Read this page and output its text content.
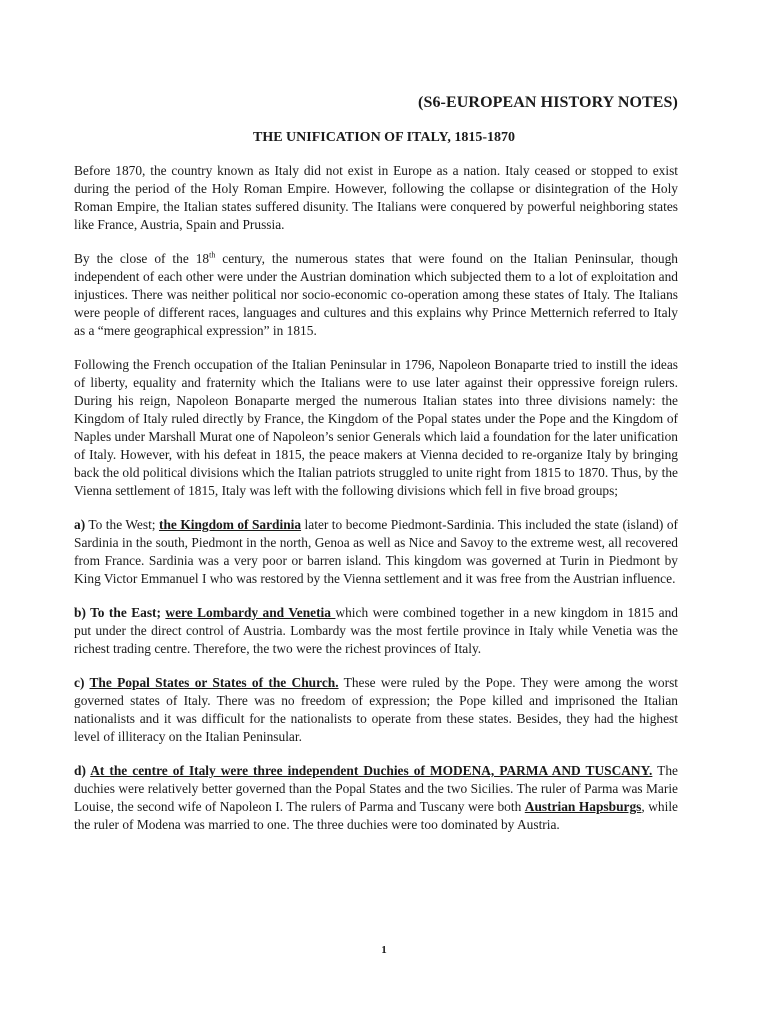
(S6-EUROPEAN HISTORY NOTES)
THE UNIFICATION OF ITALY, 1815-1870

Before 1870, the country known as Italy did not exist in Europe as a nation. Italy ceased or stopped to exist during the period of the Holy Roman Empire. However, following the collapse or disintegration of the Holy Roman Empire, the Italian states suffered disunity. The Italians were conquered by powerful neighboring states like France, Austria, Spain and Prussia.

By the close of the 18th century, the numerous states that were found on the Italian Peninsular, though independent of each other were under the Austrian domination which subjected them to a lot of exploitation and injustices. There was neither political nor socio-economic co-operation among these states of Italy. The Italians were people of different races, languages and cultures and this explains why Prince Metternich referred to Italy as a “mere geographical expression” in 1815.

Following the French occupation of the Italian Peninsular in 1796, Napoleon Bonaparte tried to instill the ideas of liberty, equality and fraternity which the Italians were to use later against their oppressive foreign rulers. During his reign, Napoleon Bonaparte merged the numerous Italian states into three divisions namely: the Kingdom of Italy ruled directly by France, the Kingdom of the Popal states under the Pope and the Kingdom of Naples under Marshall Murat one of Napoleon’s senior Generals which laid a foundation for the later unification of Italy. However, with his defeat in 1815, the peace makers at Vienna decided to re-organize Italy by bringing back the old political divisions which the Italian patriots struggled to unite right from 1815 to 1870. Thus, by the Vienna settlement of 1815, Italy was left with the following divisions which fell in five broad groups;

a) To the West; the Kingdom of Sardinia later to become Piedmont-Sardinia. This included the state (island) of Sardinia in the south, Piedmont in the north, Genoa as well as Nice and Savoy to the extreme west, all recovered from France. Sardinia was a very poor or barren island. This kingdom was governed at Turin in Piedmont by King Victor Emmanuel I who was restored by the Vienna settlement and it was free from the Austrian influence.

b) To the East; were Lombardy and Venetia which were combined together in a new kingdom in 1815 and put under the direct control of Austria. Lombardy was the most fertile province in Italy while Venetia was the richest trading centre. Therefore, the two were the richest provinces of Italy.

c) The Popal States or States of the Church. These were ruled by the Pope. They were among the worst governed states of Italy. There was no freedom of expression; the Pope killed and imprisoned the Italian nationalists and it was difficult for the nationalists to operate from these states. Besides, they had the highest level of illiteracy on the Italian Peninsular.

d) At the centre of Italy were three independent Duchies of MODENA, PARMA AND TUSCANY. The duchies were relatively better governed than the Popal States and the two Sicilies. The ruler of Parma was Marie Louise, the second wife of Napoleon I. The rulers of Parma and Tuscany were both Austrian Hapsburgs, while the ruler of Modena was married to one. The three duchies were too dominated by Austria.

1
